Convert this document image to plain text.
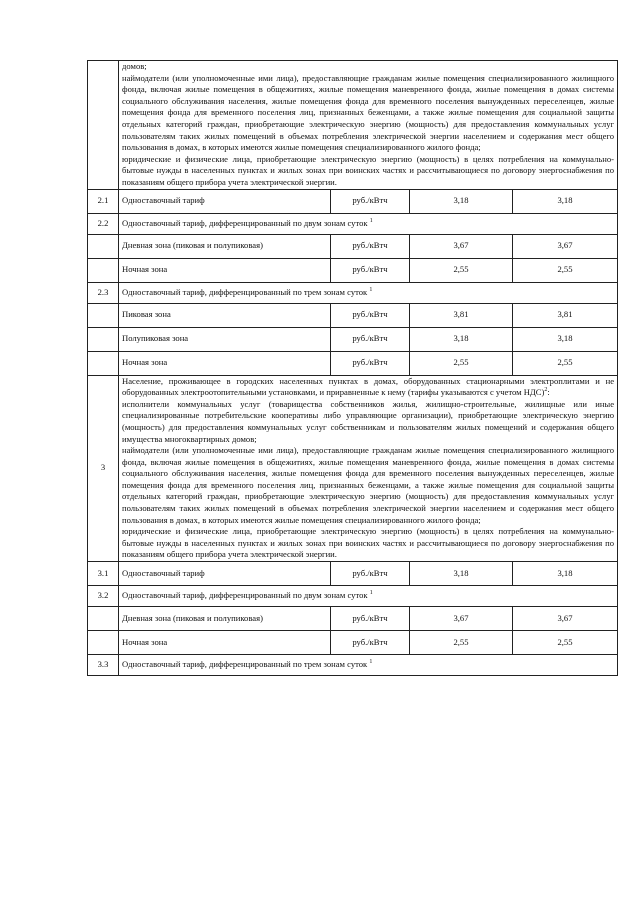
	домов;

наймодатели (или уполномоченные ими лица), предоставляющие гражданам жилые помещения специализированного жилищного фонда, включая жилые помещения в общежитиях, жилые помещения маневренного фонда, жилые помещения в домах системы социального обслуживания населения, жилые помещения фонда для временного поселения вынужденных переселенцев, жилые помещения фонда для временного поселения лиц, признанных беженцами, а также жилые помещения для социальной защиты отдельных категорий граждан, приобретающие электрическую энергию (мощность) для предоставления коммунальных услуг пользователям таких жилых помещений в объемах потребления электрической энергии населением и содержания мест общего пользования в домах, в которых имеются жилые помещения специализированного жилого фонда;

юридические и физические лица, приобретающие электрическую энергию (мощность) в целях потребления на коммунально-бытовые нужды в населенных пунктах и жилых зонах при воинских частях и рассчитывающиеся по договору энергоснабжения по показаниям общего прибора учета электрической энергии.			

2.1	Одноставочный тариф	руб./кВтч	3,18	3,18
2.2	Одноставочный тариф, дифференцированный по двум зонам суток $^1$
	Дневная зона (пиковая и полупиковая)	руб./кВтч	3,67	3,67
	Ночная зона	руб./кВтч	2,55	2,55
2.3	Одноставочный тариф, дифференцированный по трем зонам суток $^1$
	Пиковая зона	руб./кВтч	3,81	3,81
	Полупиковая зона	руб./кВтч	3,18	3,18
	Ночная зона	руб./кВтч	2,55	2,55
3	Население, проживающее в городских населенных пунктах в домах, оборудованных стационарными электроплитами и не оборудованных электроотопительными установками, и приравненные к нему (тарифы указываются с учетом НДС)$^2$:

исполнители коммунальных услуг (товарищества собственников жилья, жилищно-строительные, жилищные или иные специализированные потребительские кооперативы либо управляющие организации), приобретающие электрическую энергию (мощность) для предоставления коммунальных услуг собственникам и пользователям жилых помещений и содержания общего имущества многоквартирных домов;

наймодатели (или уполномоченные ими лица), предоставляющие гражданам жилые помещения специализированного жилищного фонда, включая жилые помещения в общежитиях, жилые помещения маневренного фонда, жилые помещения в домах системы социального обслуживания населения, жилые помещения фонда для временного поселения вынужденных переселенцев, жилые помещения фонда для временного поселения лиц, признанных беженцами, а также жилые помещения для социальной защиты отдельных категорий граждан, приобретающие электрическую энергию (мощность) для предоставления коммунальных услуг пользователям таких жилых помещений в объемах потребления электрической энергии населением и содержания мест общего пользования в домах, в которых имеются жилые помещения специализированного жилого фонда;

юридические и физические лица, приобретающие электрическую энергию (мощность) в целях потребления на коммунально-бытовые нужды в населенных пунктах и жилых зонах при воинских частях и рассчитывающиеся по договору энергоснабжения по показаниям общего прибора учета электрической энергии.			

3.1	Одноставочный тариф	руб./кВтч	3,18	3,18
3.2	Одноставочный тариф, дифференцированный по двум зонам суток $^1$
	Дневная зона (пиковая и полупиковая)	руб./кВтч	3,67	3,67
	Ночная зона	руб./кВтч	2,55	2,55
3.3	Одноставочный тариф, дифференцированный по трем зонам суток $^1$
